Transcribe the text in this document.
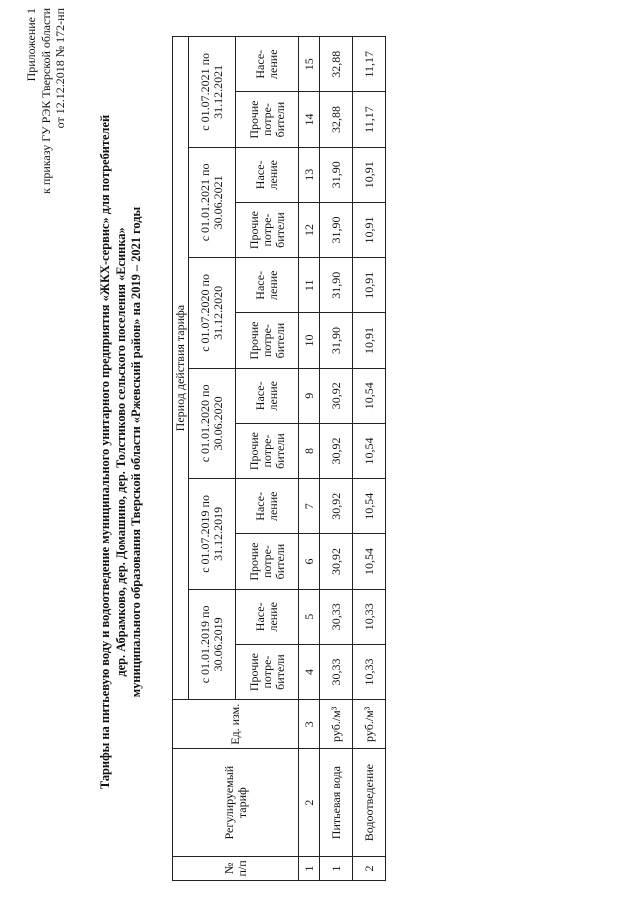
Приложение 1 к приказу ГУ РЭК Тверской области от 12.12.2018 № 172-нп
Тарифы на питьевую воду и водоотведение муниципального унитарного предприятия «ЖКХ-сервис» для потребителей дер. Абрамково, дер. Домашино, дер. Толстиково сельского поселения «Есинка» муниципального образования Тверской области «Ржевский район» на 2019 – 2021 годы
№ п/п	Регулируемый тариф	Ед. изм.	Период действия тарифа											
			с 01.01.2019 по 30.06.2019		с 01.07.2019 по 31.12.2019		с 01.01.2020 по 30.06.2020		с 01.07.2020 по 31.12.2020		с 01.01.2021 по 30.06.2021		с 01.07.2021 по 31.12.2021	
			Прочие потре-бители	Насе-ление	Прочие потре-бители	Насе-ление	Прочие потре-бители	Насе-ление	Прочие потре-бители	Насе-ление	Прочие потре-бители	Насе-ление	Прочие потре-бители	Насе-ление
1	2	3	4	5	6	7	8	9	10	11	12	13	14	15
1	Питьевая вода	руб./м³	30,33	30,33	30,92	30,92	30,92	30,92	31,90	31,90	31,90	31,90	32,88	32,88
2	Водоотведение	руб./м³	10,33	10,33	10,54	10,54	10,54	10,54	10,91	10,91	10,91	10,91	11,17	11,17
